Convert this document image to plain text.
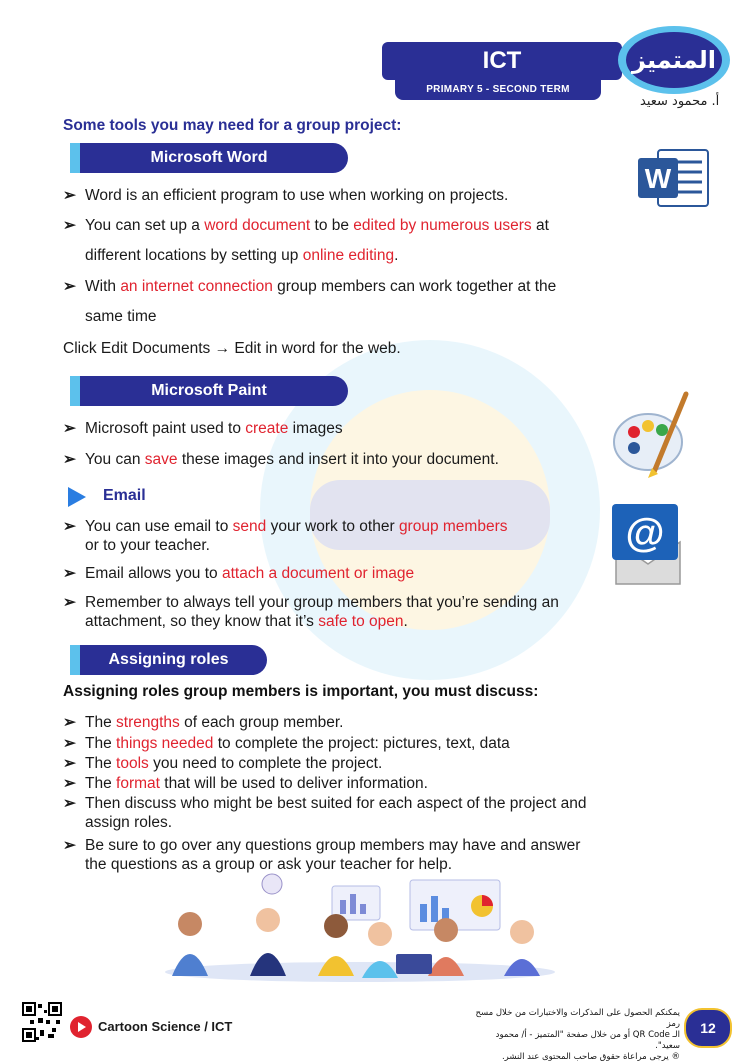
ICT
PRIMARY 5 - SECOND TERM
المتميز
أ. محمود سعيد
Some tools you may need for a group project:
Microsoft Word
W
➢ Word is an efficient program to use when working on projects.
➢ You can set up a word document to be edited by numerous users at
different locations by setting up online editing.
➢ With an internet connection group members can work together at the
same time
Click Edit Documents → Edit in word for the web.
Microsoft Paint
➢ Microsoft paint used to create images
➢ You can save these images and insert it into your document.
Email
@
➢ You can use email to send your work to other group members
or to your teacher.
➢ Email allows you to attach a document or image
➢ Remember to always tell your group members that you’re sending an
attachment, so they know that it’s safe to open.
Assigning roles
Assigning roles group members is important, you must discuss:
➢ The strengths of each group member.
➢ The things needed to complete the project: pictures, text, data
➢ The tools you need to complete the project.
➢ The format that will be used to deliver information.
➢ Then discuss who might be best suited for each aspect of the project and
assign roles.
➢ Be sure to go over any questions group members may have and answer
the questions as a group or ask your teacher for help.
Cartoon Science / ICT
يمكنكم الحصول على المذكرات والاختبارات من خلال مسح رمز
الـ QR Code أو من خلال صفحة "المتميز - أ/ محمود سعيد".
® يرجى مراعاة حقوق صاحب المحتوى عند النشر.
12
